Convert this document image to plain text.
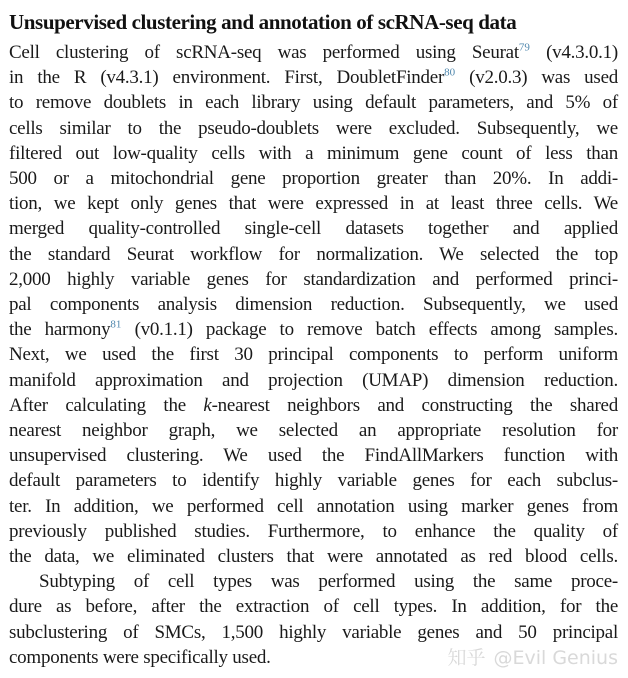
Unsupervised clustering and annotation of scRNA-seq data
Cell clustering of scRNA-seq was performed using Seurat$^{79}$ (v4.3.0.1)
in the R (v4.3.1) environment. First, DoubletFinder$^{80}$ (v2.0.3) was used
to remove doublets in each library using default parameters, and 5% of
cells similar to the pseudo-doublets were excluded. Subsequently, we
filtered out low-quality cells with a minimum gene count of less than
500 or a mitochondrial gene proportion greater than 20%. In addi-
tion, we kept only genes that were expressed in at least three cells. We
merged quality-controlled single-cell datasets together and applied
the standard Seurat workflow for normalization. We selected the top
2,000 highly variable genes for standardization and performed princi-
pal components analysis dimension reduction. Subsequently, we used
the harmony$^{81}$ (v0.1.1) package to remove batch effects among samples.
Next, we used the first 30 principal components to perform uniform
manifold approximation and projection (UMAP) dimension reduction.
After calculating the k-nearest neighbors and constructing the shared
nearest neighbor graph, we selected an appropriate resolution for
unsupervised clustering. We used the FindAllMarkers function with
default parameters to identify highly variable genes for each subclus-
ter. In addition, we performed cell annotation using marker genes from
previously published studies. Furthermore, to enhance the quality of
the data, we eliminated clusters that were annotated as red blood cells.
Subtyping of cell types was performed using the same proce-
dure as before, after the extraction of cell types. In addition, for the
subclustering of SMCs, 1,500 highly variable genes and 50 principal
components were specifically used.	知乎 @Evil Genius
